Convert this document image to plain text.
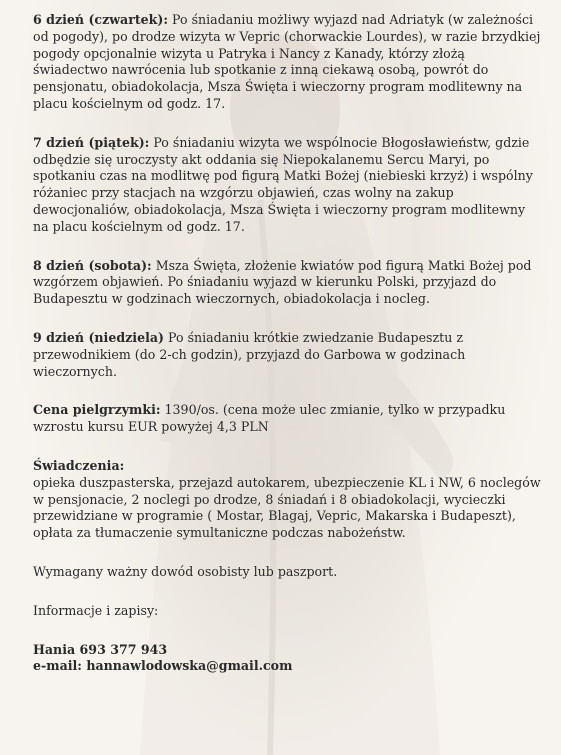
6 dzień (czwartek): Po śniadaniu możliwy wyjazd nad Adriatyk (w zależności od pogody), po drodze wizyta w Vepric (chorwackie Lourdes), w razie brzydkiej pogody opcjonalnie wizyta u Patryka i Nancy z Kanady, którzy złożą świadectwo nawrócenia lub spotkanie z inną ciekawą osobą, powrót do pensjonatu, obiadokolacja, Msza Święta i wieczorny program modlitewny na placu kościelnym od godz. 17.

7 dzień (piątek): Po śniadaniu wizyta we wspólnocie Błogosławieństw, gdzie odbędzie się uroczysty akt oddania się Niepokalanemu Sercu Maryi, po spotkaniu czas na modlitwę pod figurą Matki Bożej (niebieski krzyż) i wspólny różaniec przy stacjach na wzgórzu objawień, czas wolny na zakup dewocjonaliów, obiadokolacja, Msza Święta i wieczorny program modlitewny na placu kościelnym od godz. 17.

8 dzień (sobota): Msza Święta, złożenie kwiatów pod figurą Matki Bożej pod wzgórzem objawień. Po śniadaniu wyjazd w kierunku Polski, przyjazd do Budapesztu w godzinach wieczornych, obiadokolacja i nocleg.

9 dzień (niedziela) Po śniadaniu krótkie zwiedzanie Budapesztu z przewodnikiem (do 2-ch godzin), przyjazd do Garbowa w godzinach wieczornych.

Cena pielgrzymki: 1390/os. (cena może ulec zmianie, tylko w przypadku wzrostu kursu EUR powyżej 4,3 PLN

Świadczenia:
opieka duszpasterska, przejazd autokarem, ubezpieczenie KL i NW, 6 noclegów w pensjonacie, 2 noclegi po drodze, 8 śniadań i 8 obiadokolacji, wycieczki przewidziane w programie ( Mostar, Blagaj, Vepric, Makarska i Budapeszt), opłata za tłumaczenie symultaniczne podczas nabożeństw.

Wymagany ważny dowód osobisty lub paszport.

Informacje i zapisy:

Hania 693 377 943

e-mail: hannawlodowska@gmail.com
